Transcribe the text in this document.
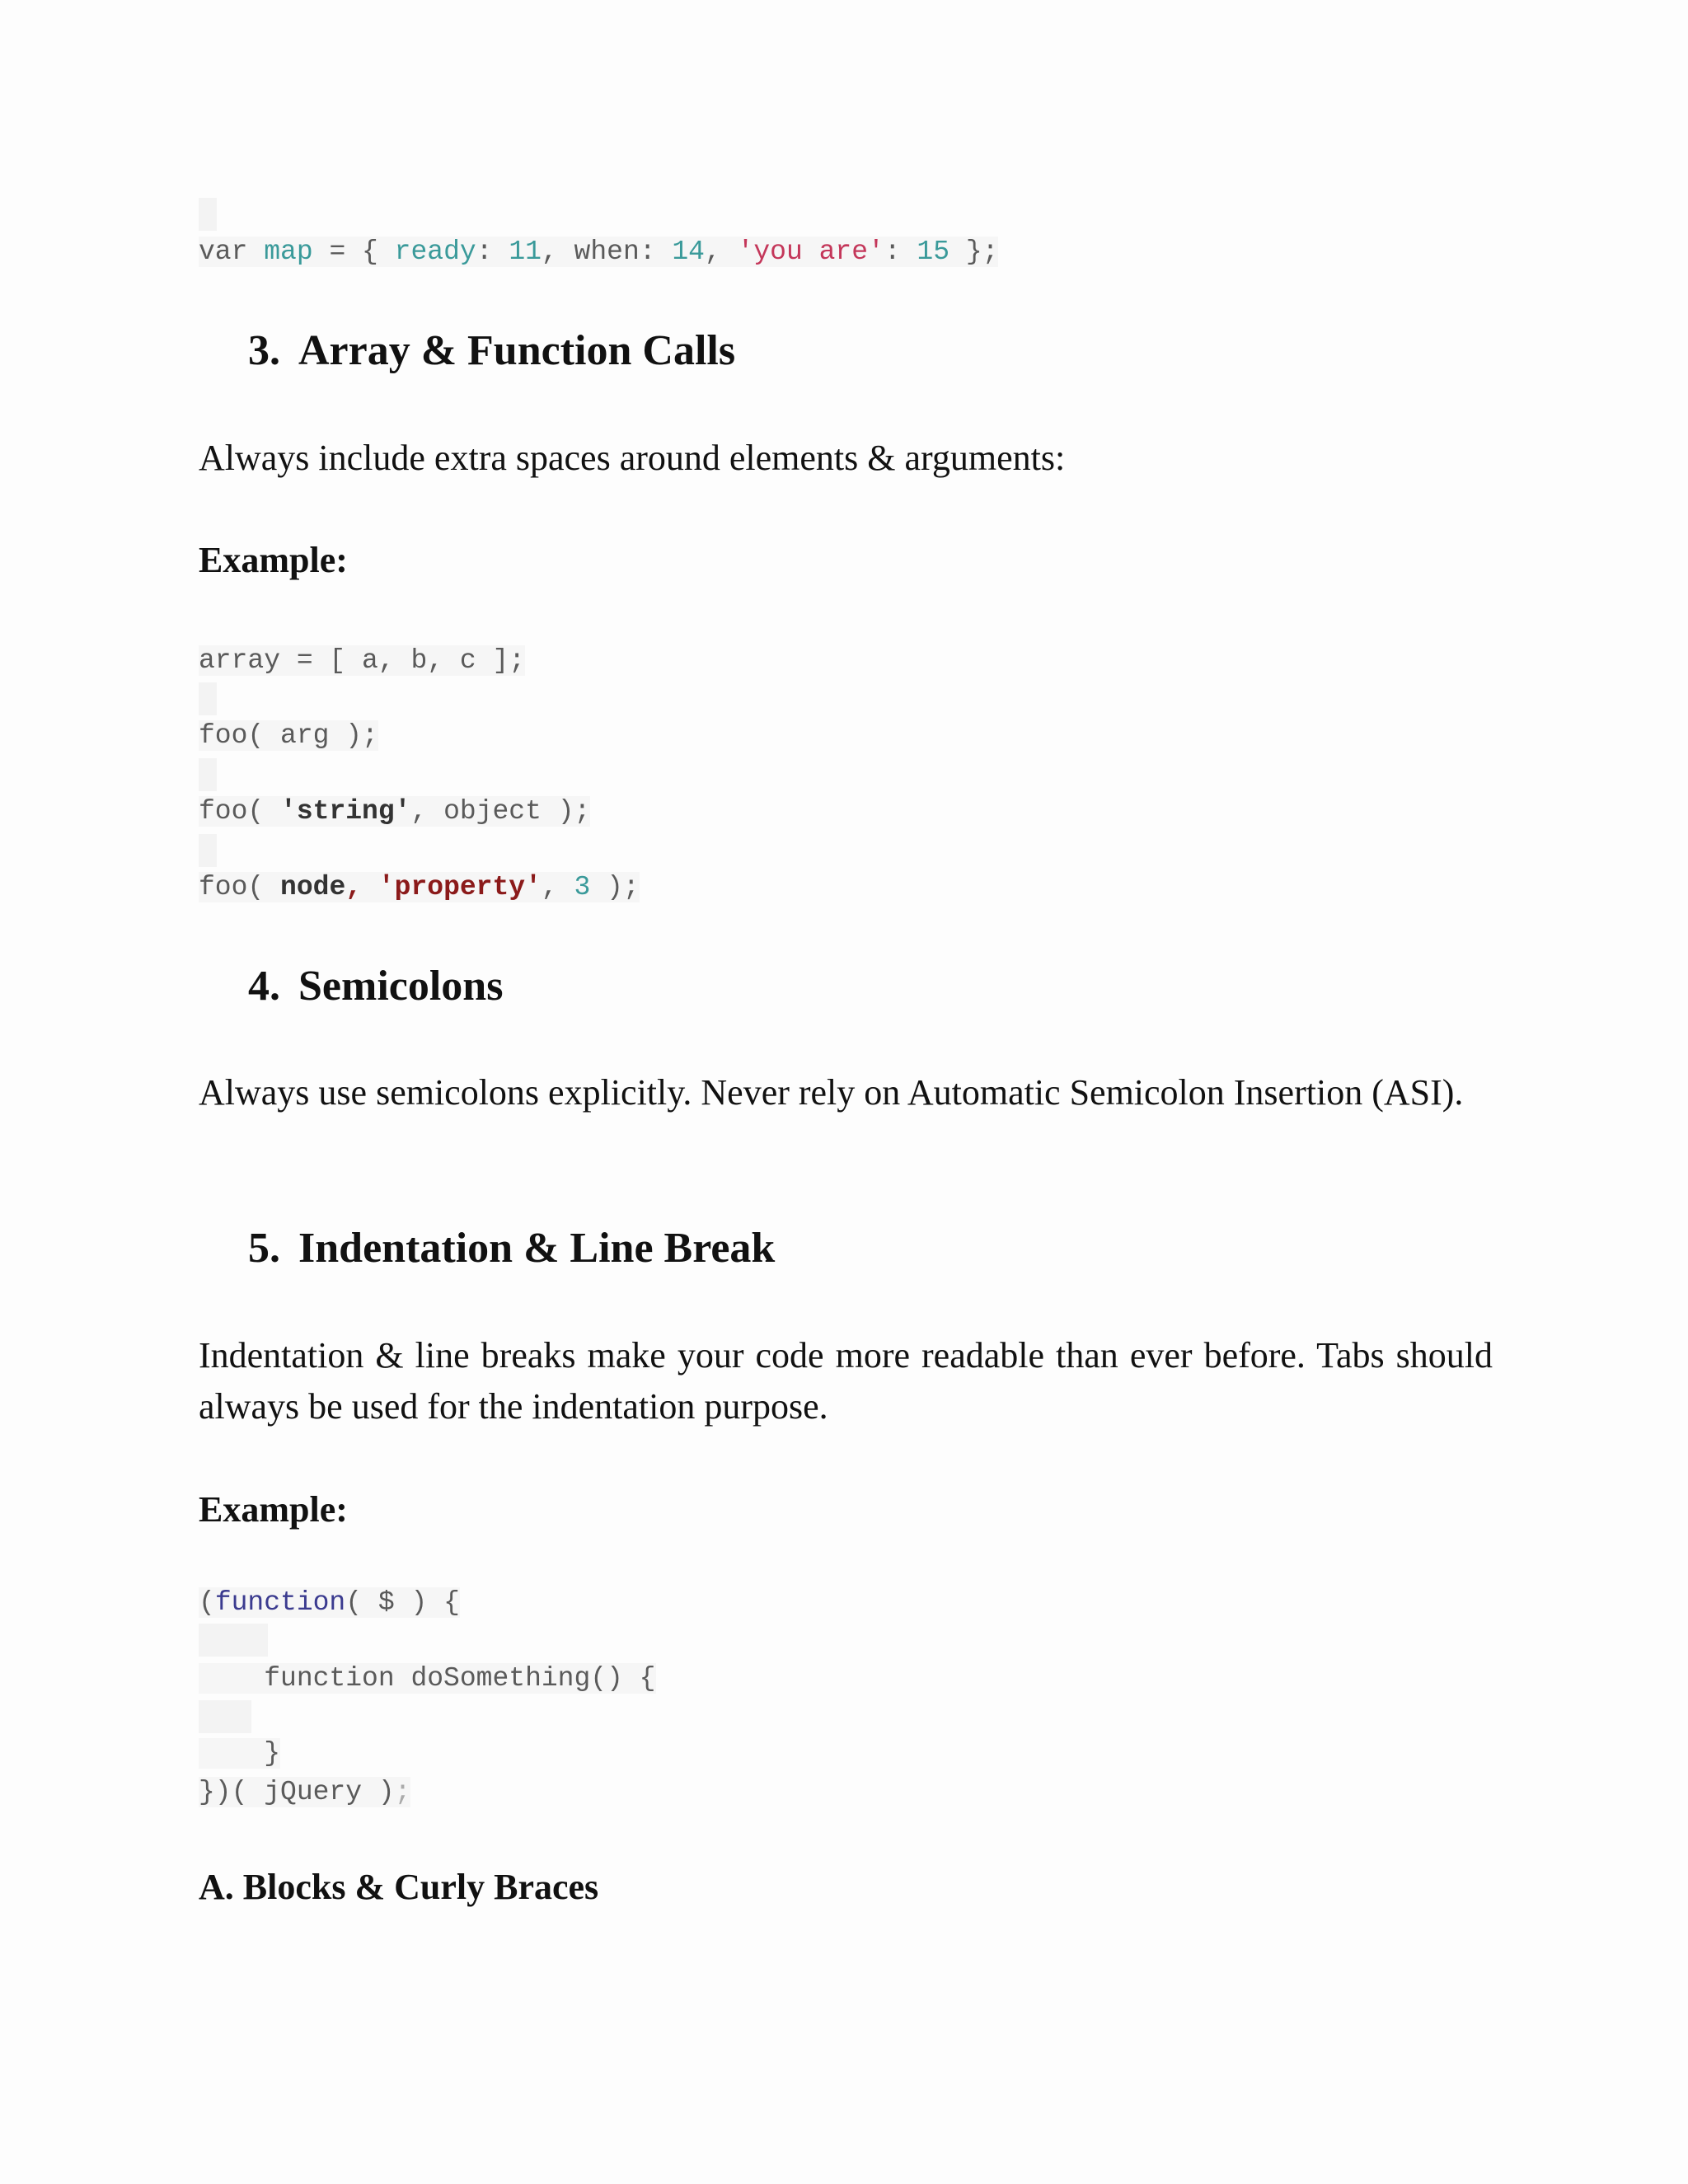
var map = { ready: 11, when: 14, 'you are': 15 };
3. Array & Function Calls

Always include extra spaces around elements & arguments:

Example:

array = [ a, b, c ];
foo( arg );
foo( 'string', object );
foo( node, 'property', 3 );
4. Semicolons

Always use semicolons explicitly. Never rely on Automatic Semicolon Insertion (ASI).

5. Indentation & Line Break

Indentation & line breaks make your code more readable than ever before. Tabs should always be used for the indentation purpose.

Example:

(function( $ ) {
function doSomething() {
}
})( jQuery );

A. Blocks & Curly Braces
